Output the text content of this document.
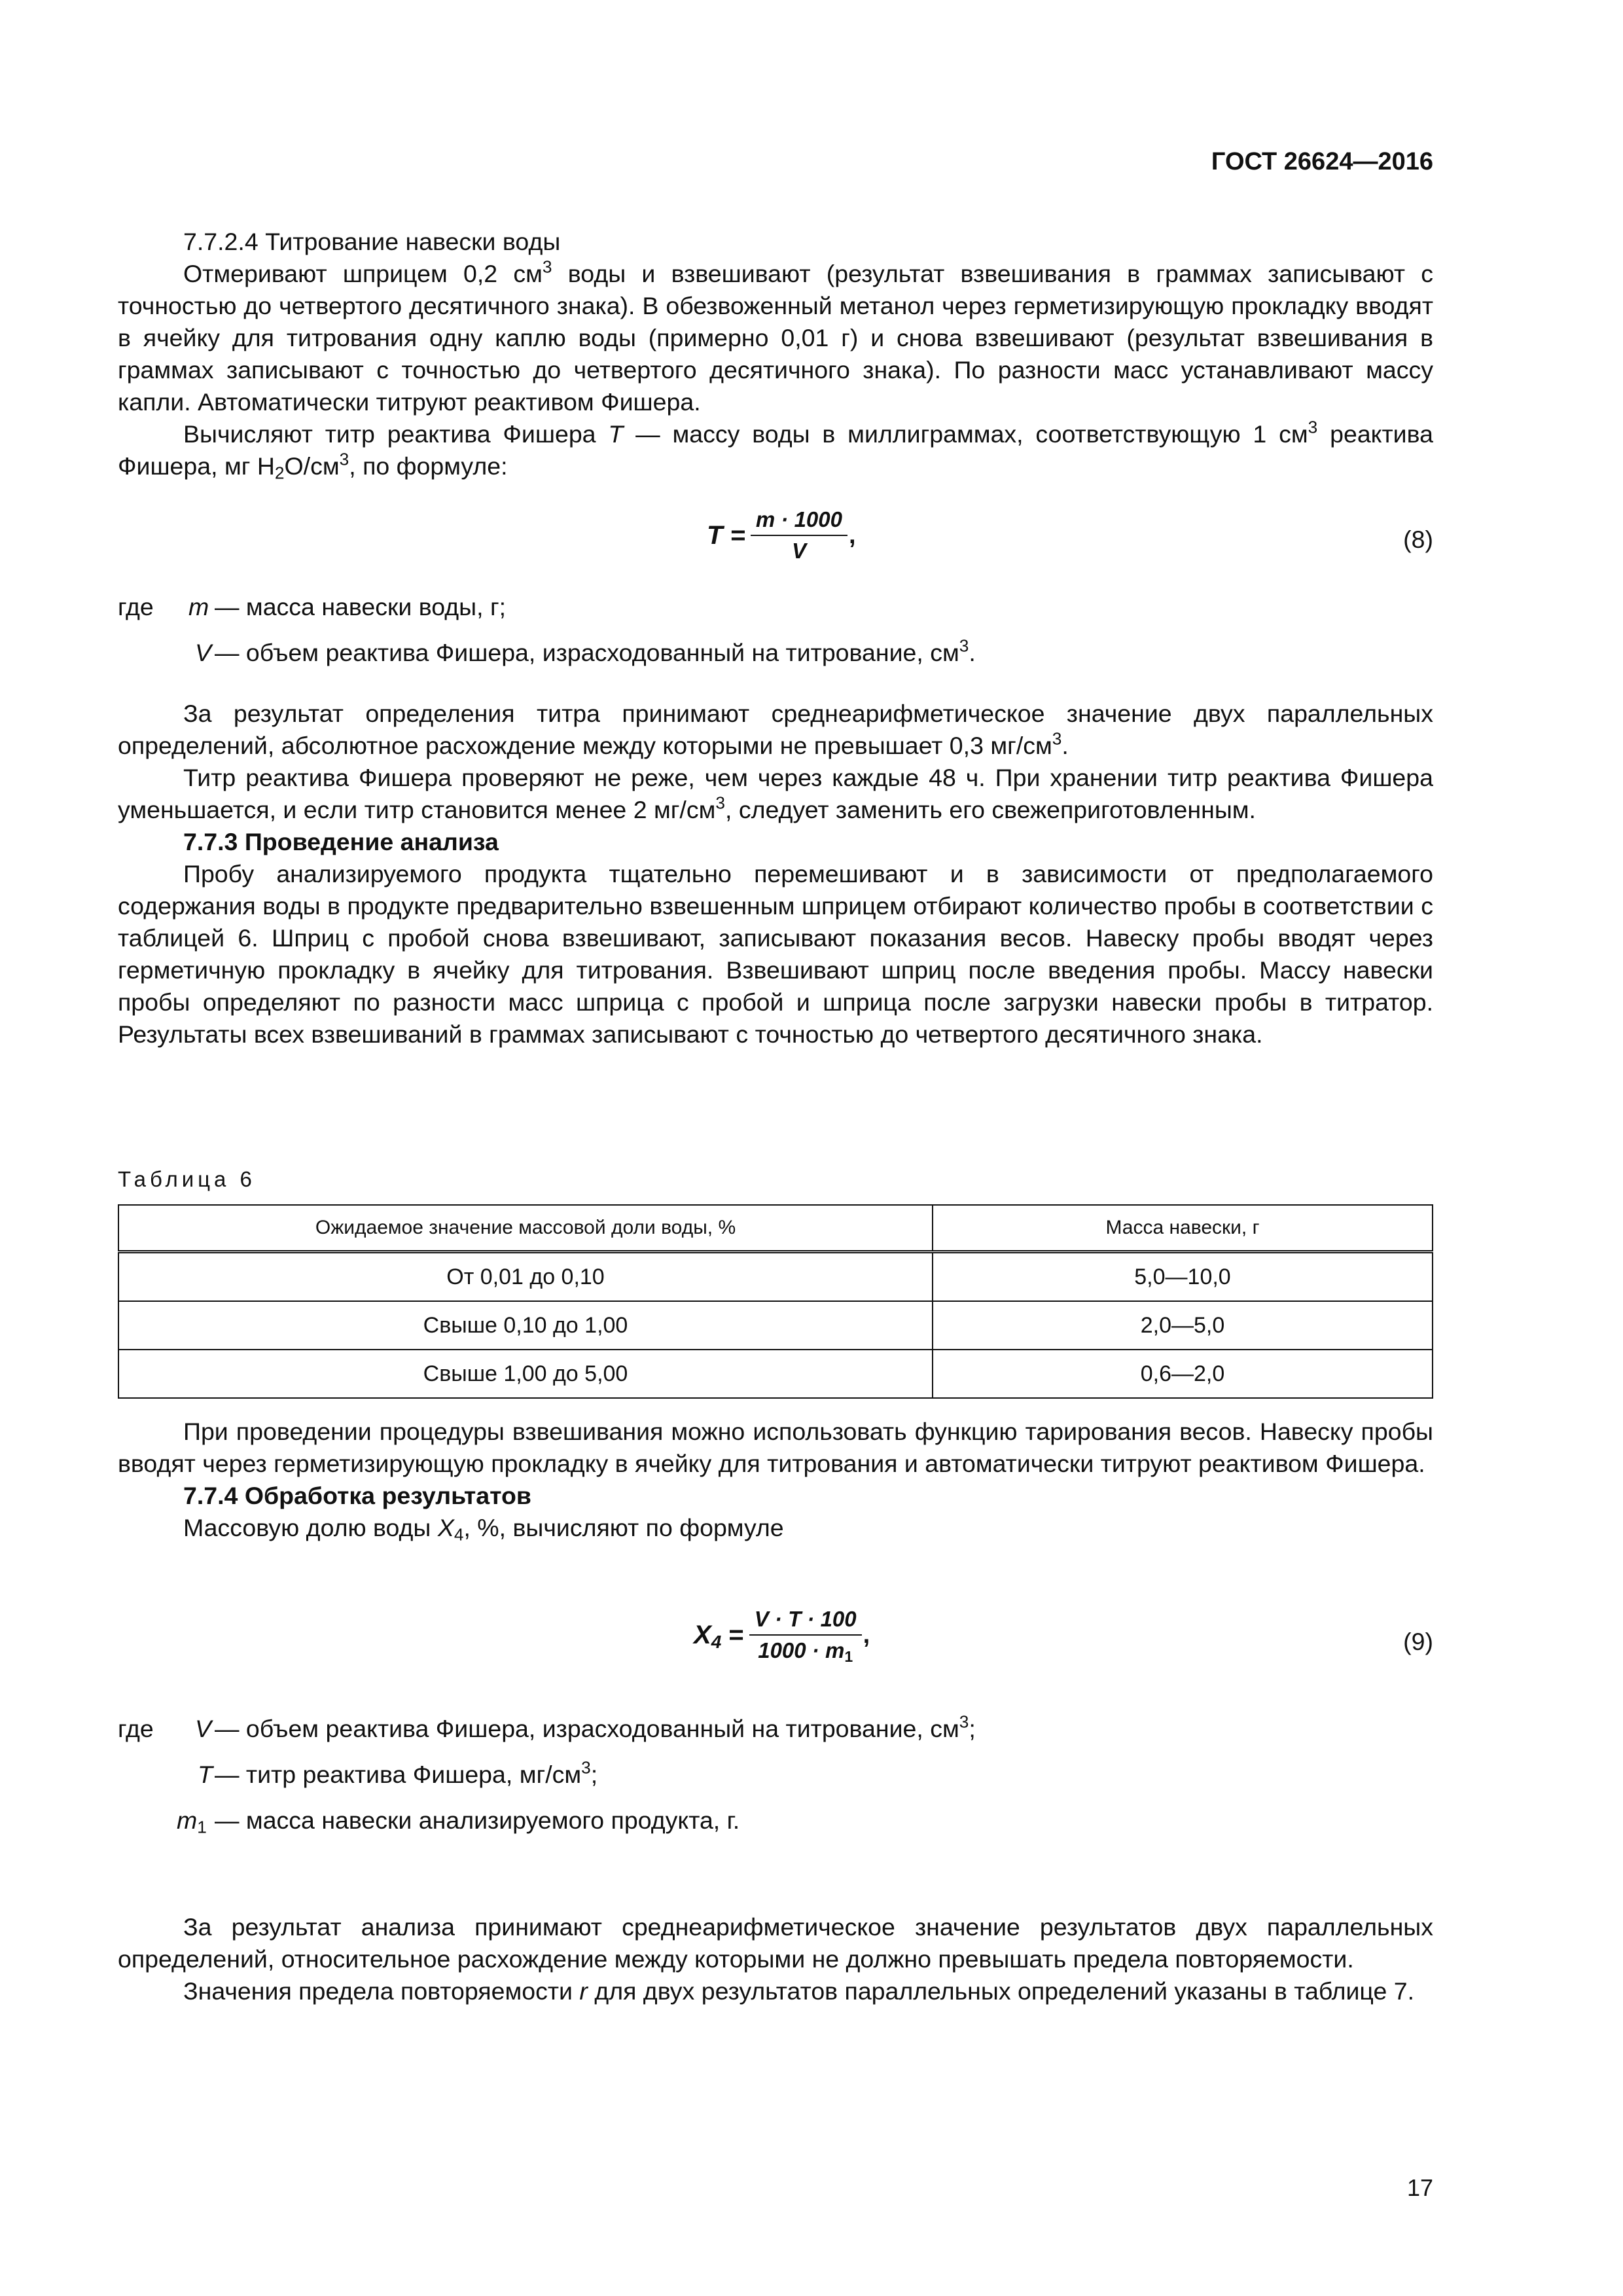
ГОСТ 26624—2016

7.7.2.4 Титрование навески воды

Отмеривают шприцем 0,2 $см^3$ воды и взвешивают (результат взвешивания в граммах записывают с точностью до четвертого десятичного знака). В обезвоженный метанол через герметизирующую прокладку вводят в ячейку для титрования одну каплю воды (примерно 0,01 г) и снова взвешивают (результат взвешивания в граммах записывают с точностью до четвертого десятичного знака). По разности масс устанавливают массу капли. Автоматически титруют реактивом Фишера.

Вычисляют титр реактива Фишера T — массу воды в миллиграммах, соответствующую 1 $см^3$ реактива Фишера, мг $H_2O/см^3$, по формуле:

$T = \frac{m \cdot 1000}{V}$ ,	(8)
где m — масса навески воды, г;
V — объем реактива Фишера, израсходованный на титрование, $см^3$.

За результат определения титра принимают среднеарифметическое значение двух параллельных определений, абсолютное расхождение между которыми не превышает 0,3 $мг/см^3$.

Титр реактива Фишера проверяют не реже, чем через каждые 48 ч. При хранении титр реактива Фишера уменьшается, и если титр становится менее 2 $мг/см^3$, следует заменить его свежеприготовленным.

7.7.3 Проведение анализа

Пробу анализируемого продукта тщательно перемешивают и в зависимости от предполагаемого содержания воды в продукте предварительно взвешенным шприцем отбирают количество пробы в соответствии с таблицей 6. Шприц с пробой снова взвешивают, записывают показания весов. Навеску пробы вводят через герметичную прокладку в ячейку для титрования. Взвешивают шприц после введения пробы. Массу навески пробы определяют по разности масс шприца с пробой и шприца после загрузки навески пробы в титратор. Результаты всех взвешиваний в граммах записывают с точностью до четвертого десятичного знака.

Таблица 6
Ожидаемое значение массовой доли воды, %	Масса навески, г
От 0,01 до 0,10	5,0—10,0
Свыше 0,10 до 1,00	2,0—5,0
Свыше 1,00 до 5,00	0,6—2,0

При проведении процедуры взвешивания можно использовать функцию тарирования весов. Навеску пробы вводят через герметизирующую прокладку в ячейку для титрования и автоматически титруют реактивом Фишера.

7.7.4 Обработка результатов

Массовую долю воды $X_4$, %, вычисляют по формуле

$X_4 = \frac{V \cdot T \cdot 100}{1000 \cdot m_1}$ ,	(9)
где V — объем реактива Фишера, израсходованный на титрование, $см^3$;
T — титр реактива Фишера, $мг/см^3$;
$m_1$ — масса навески анализируемого продукта, г.

За результат анализа принимают среднеарифметическое значение результатов двух параллельных определений, относительное расхождение между которыми не должно превышать предела повторяемости.

Значения предела повторяемости r для двух результатов параллельных определений указаны в таблице 7.

17
